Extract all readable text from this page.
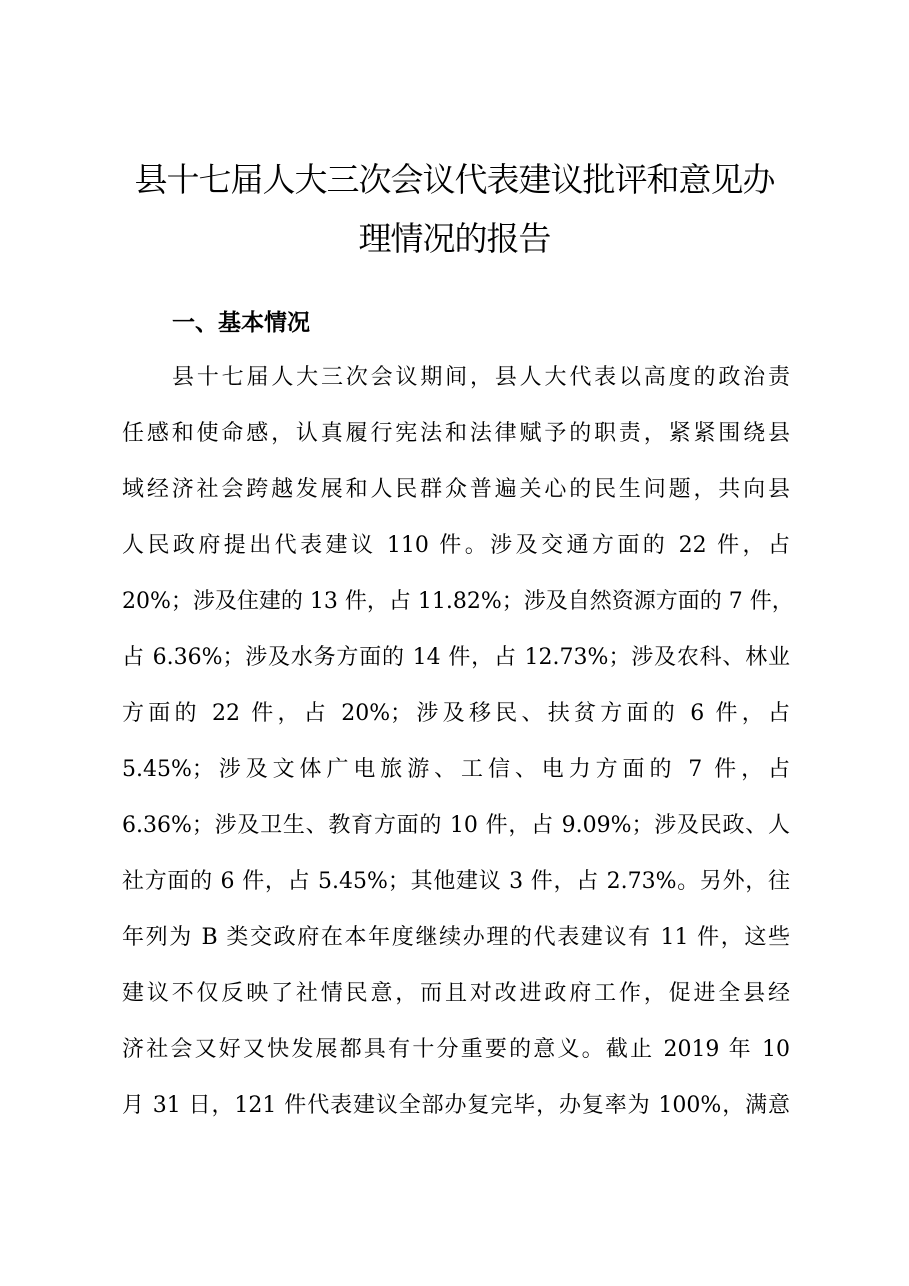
县十七届人大三次会议代表建议批评和意见办
理情况的报告
一、基本情况
县十七届人大三次会议期间，县人大代表以高度的政治责
任感和使命感，认真履行宪法和法律赋予的职责，紧紧围绕县
域经济社会跨越发展和人民群众普遍关心的民生问题，共向县
人民政府提出代表建议 110 件。涉及交通方面的 22 件，占
20%；涉及住建的 13 件，占 11.82%；涉及自然资源方面的 7 件，
占 6.36%；涉及水务方面的 14 件，占 12.73%；涉及农科、林业
方面的 22 件，占 20%；涉及移民、扶贫方面的 6 件，占
5.45%；涉及文体广电旅游、工信、电力方面的 7 件，占
6.36%；涉及卫生、教育方面的 10 件，占 9.09%；涉及民政、人
社方面的 6 件，占 5.45%；其他建议 3 件，占 2.73%。另外，往
年列为 B 类交政府在本年度继续办理的代表建议有 11 件，这些
建议不仅反映了社情民意，而且对改进政府工作，促进全县经
济社会又好又快发展都具有十分重要的意义。截止 2019 年 10
月 31 日，121 件代表建议全部办复完毕，办复率为 100%，满意
